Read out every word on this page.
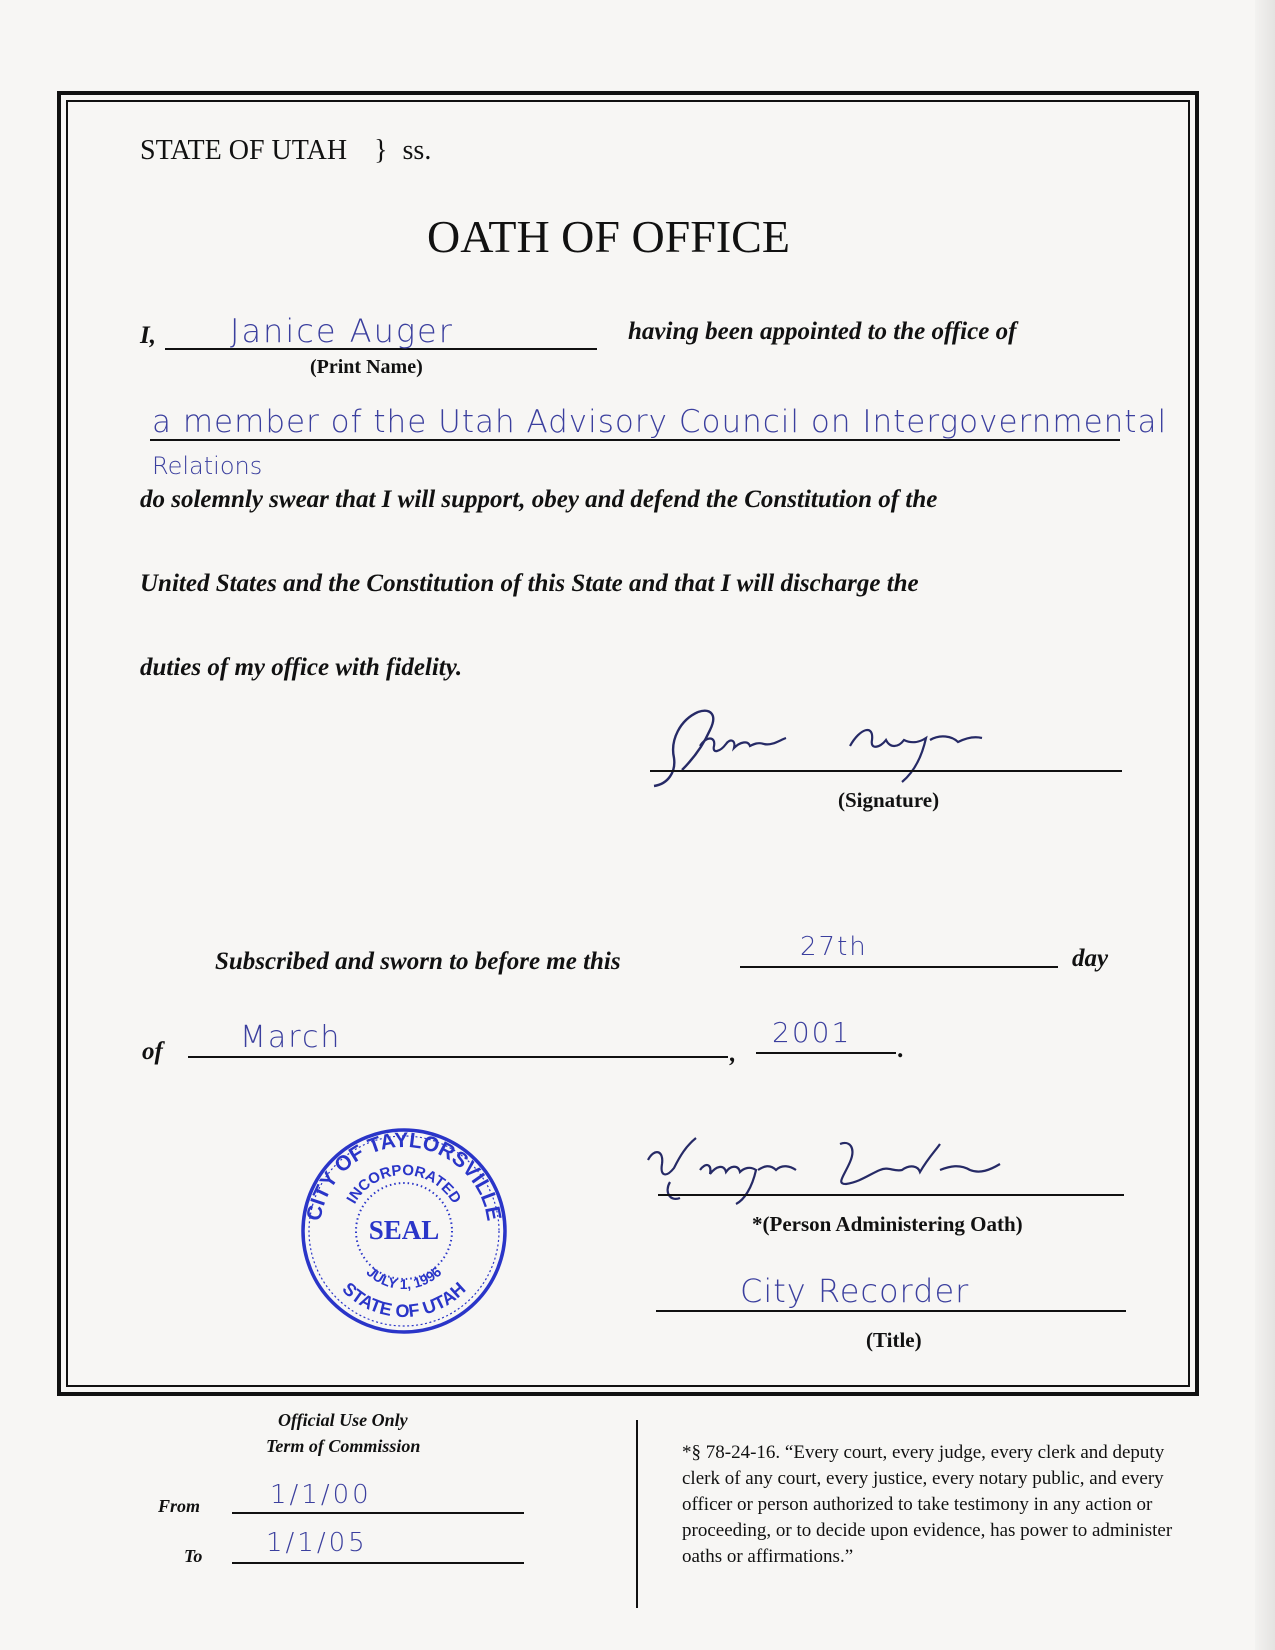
STATE OF UTAH } ss.
OATH OF OFFICE
I, Janice Auger
(Print Name)
having been appointed to the office of
a member of the Utah Advisory Council on Intergovernmental
Relations
do solemnly swear that I will support, obey and defend the Constitution of the
United States and the Constitution of this State and that I will discharge the
duties of my office with fidelity.
(Signature)
Subscribed and sworn to before me this	27th	day
of	March	,
2001
.
CITY OF TAYLORSVILLE
INCORPORATED
SEAL
JULY 1, 1996
STATE OF UTAH
*(Person Administering Oath)
City Recorder
(Title)
Official Use Only
Term of Commission
From	1/1/00
To 1/1/05
*§ 78-24-16. “Every court, every judge, every clerk and deputy clerk of any court, every justice, every notary public, and every officer or person authorized to take testimony in any action or proceeding, or to decide upon evidence, has power to administer oaths or affirmations.”
